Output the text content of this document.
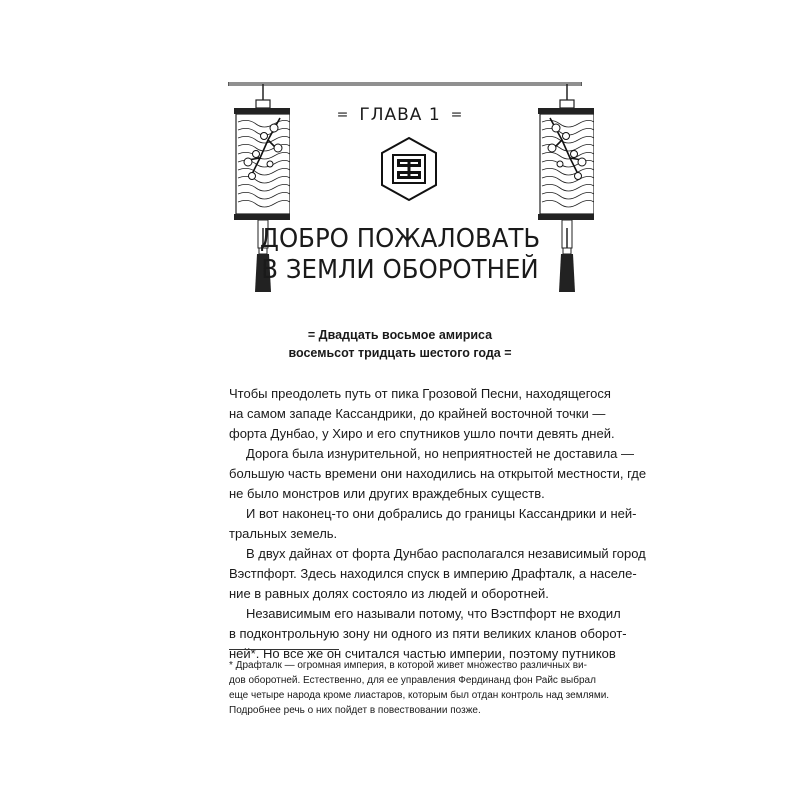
= ГЛАВА 1 =
ДОБРО ПОЖАЛОВАТЬ
В ЗЕМЛИ ОБОРОТНЕЙ
= Двадцать восьмое амириса
восемьсот тридцать шестого года =
Чтобы преодолеть путь от пика Грозовой Песни, находящегося
на самом западе Кассандрики, до крайней восточной точки —
форта Дунбао, у Хиро и его спутников ушло почти девять дней.
Дорога была изнурительной, но неприятностей не доставила —
большую часть времени они находились на открытой местности, где
не было монстров или других враждебных существ.
И вот наконец-то они добрались до границы Кассандрики и ней-
тральных земель.
В двух дайнах от форта Дунбао располагался независимый город
Вэстпфорт. Здесь находился спуск в империю Драфталк, а населе-
ние в равных долях состояло из людей и оборотней.
Независимым его называли потому, что Вэстпфорт не входил
в подконтрольную зону ни одного из пяти великих кланов оборот-
ней*. Но все же он считался частью империи, поэтому путников
* Драфталк — огромная империя, в которой живет множество различных ви-
дов оборотней. Естественно, для ее управления Фердинанд фон Райс выбрал
еще четыре народа кроме лиастаров, которым был отдан контроль над землями.
Подробнее речь о них пойдет в повествовании позже.
